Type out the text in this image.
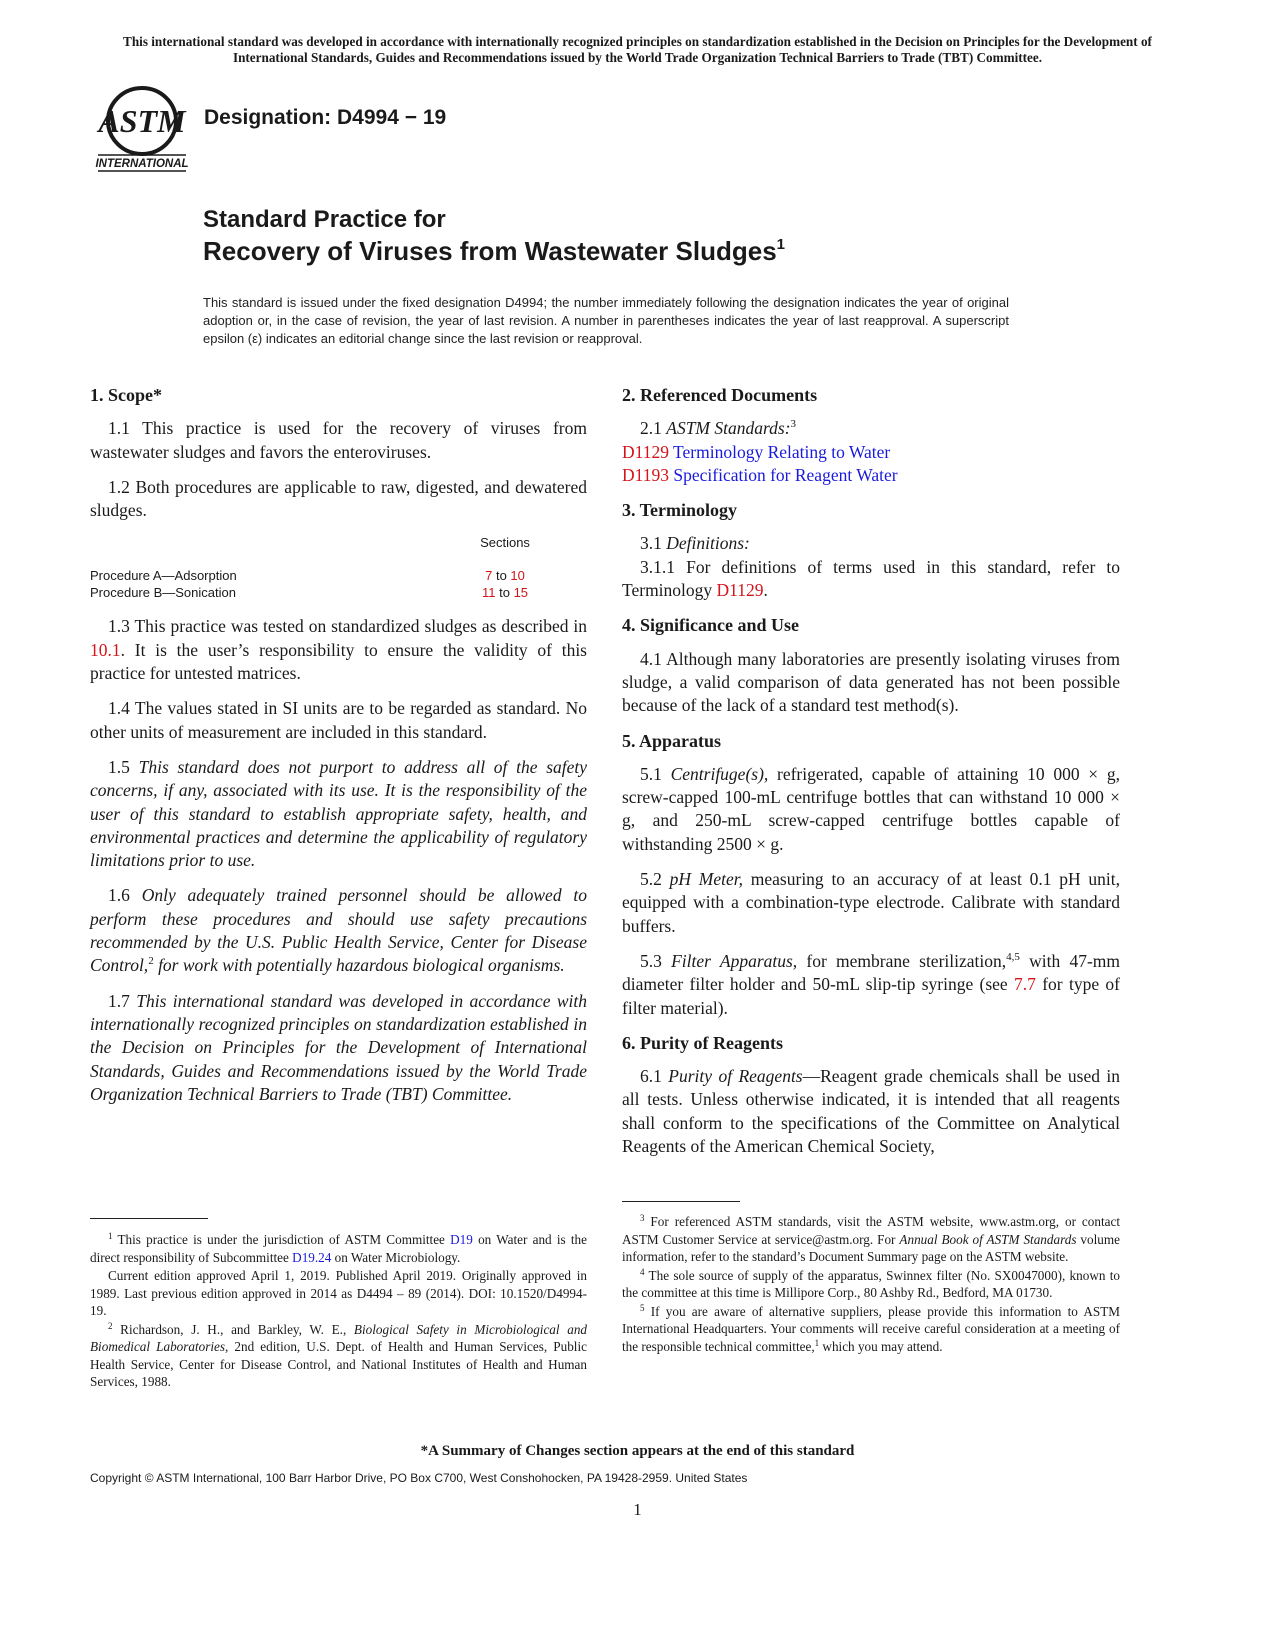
This international standard was developed in accordance with internationally recognized principles on standardization established in the Decision on Principles for the Development of International Standards, Guides and Recommendations issued by the World Trade Organization Technical Barriers to Trade (TBT) Committee.
ASTM
INTERNATIONAL
Designation: D4994 − 19
Standard Practice for
Recovery of Viruses from Wastewater Sludges$^1$
This standard is issued under the fixed designation D4994; the number immediately following the designation indicates the year of original adoption or, in the case of revision, the year of last revision. A number in parentheses indicates the year of last reapproval. A superscript epsilon (ε) indicates an editorial change since the last revision or reapproval.
1. Scope*

1.1 This practice is used for the recovery of viruses from wastewater sludges and favors the enteroviruses.

1.2 Both procedures are applicable to raw, digested, and dewatered sludges.

Sections
Procedure A—Adsorption	7 to 10
Procedure B—Sonication	11 to 15

1.3 This practice was tested on standardized sludges as described in 10.1. It is the user’s responsibility to ensure the validity of this practice for untested matrices.

1.4 The values stated in SI units are to be regarded as standard. No other units of measurement are included in this standard.

1.5 This standard does not purport to address all of the safety concerns, if any, associated with its use. It is the responsibility of the user of this standard to establish appropriate safety, health, and environmental practices and determine the applicability of regulatory limitations prior to use.

1.6 Only adequately trained personnel should be allowed to perform these procedures and should use safety precautions recommended by the U.S. Public Health Service, Center for Disease Control,$^2$ for work with potentially hazardous biological organisms.

1.7 This international standard was developed in accordance with internationally recognized principles on standardization established in the Decision on Principles for the Development of International Standards, Guides and Recommendations issued by the World Trade Organization Technical Barriers to Trade (TBT) Committee.

2. Referenced Documents
2.1 ASTM Standards:$^3$
D1129 Terminology Relating to Water
D1193 Specification for Reagent Water
3. Terminology
3.1 Definitions:

3.1.1 For definitions of terms used in this standard, refer to Terminology D1129.

4. Significance and Use

4.1 Although many laboratories are presently isolating viruses from sludge, a valid comparison of data generated has not been possible because of the lack of a standard test method(s).

5. Apparatus

5.1 Centrifuge(s), refrigerated, capable of attaining 10 000 × g, screw-capped 100-mL centrifuge bottles that can withstand 10 000 × g, and 250-mL screw-capped centrifuge bottles capable of withstanding 2500 × g.

5.2 pH Meter, measuring to an accuracy of at least 0.1 pH unit, equipped with a combination-type electrode. Calibrate with standard buffers.

5.3 Filter Apparatus, for membrane sterilization,$^{4,5}$ with 47-mm diameter filter holder and 50-mL slip-tip syringe (see 7.7 for type of filter material).

6. Purity of Reagents

6.1 Purity of Reagents—Reagent grade chemicals shall be used in all tests. Unless otherwise indicated, it is intended that all reagents shall conform to the specifications of the Committee on Analytical Reagents of the American Chemical Society,

$^1$ This practice is under the jurisdiction of ASTM Committee D19 on Water and is the direct responsibility of Subcommittee D19.24 on Water Microbiology.

Current edition approved April 1, 2019. Published April 2019. Originally approved in 1989. Last previous edition approved in 2014 as D4494 – 89 (2014). DOI: 10.1520/D4994-19.

$^2$ Richardson, J. H., and Barkley, W. E., Biological Safety in Microbiological and Biomedical Laboratories, 2nd edition, U.S. Dept. of Health and Human Services, Public Health Service, Center for Disease Control, and National Institutes of Health and Human Services, 1988.

$^3$ For referenced ASTM standards, visit the ASTM website, www.astm.org, or contact ASTM Customer Service at service@astm.org. For Annual Book of ASTM Standards volume information, refer to the standard’s Document Summary page on the ASTM website.

$^4$ The sole source of supply of the apparatus, Swinnex filter (No. SX0047000), known to the committee at this time is Millipore Corp., 80 Ashby Rd., Bedford, MA 01730.

$^5$ If you are aware of alternative suppliers, please provide this information to ASTM International Headquarters. Your comments will receive careful consideration at a meeting of the responsible technical committee,$^1$ which you may attend.

*A Summary of Changes section appears at the end of this standard
Copyright © ASTM International, 100 Barr Harbor Drive, PO Box C700, West Conshohocken, PA 19428-2959. United States
1
